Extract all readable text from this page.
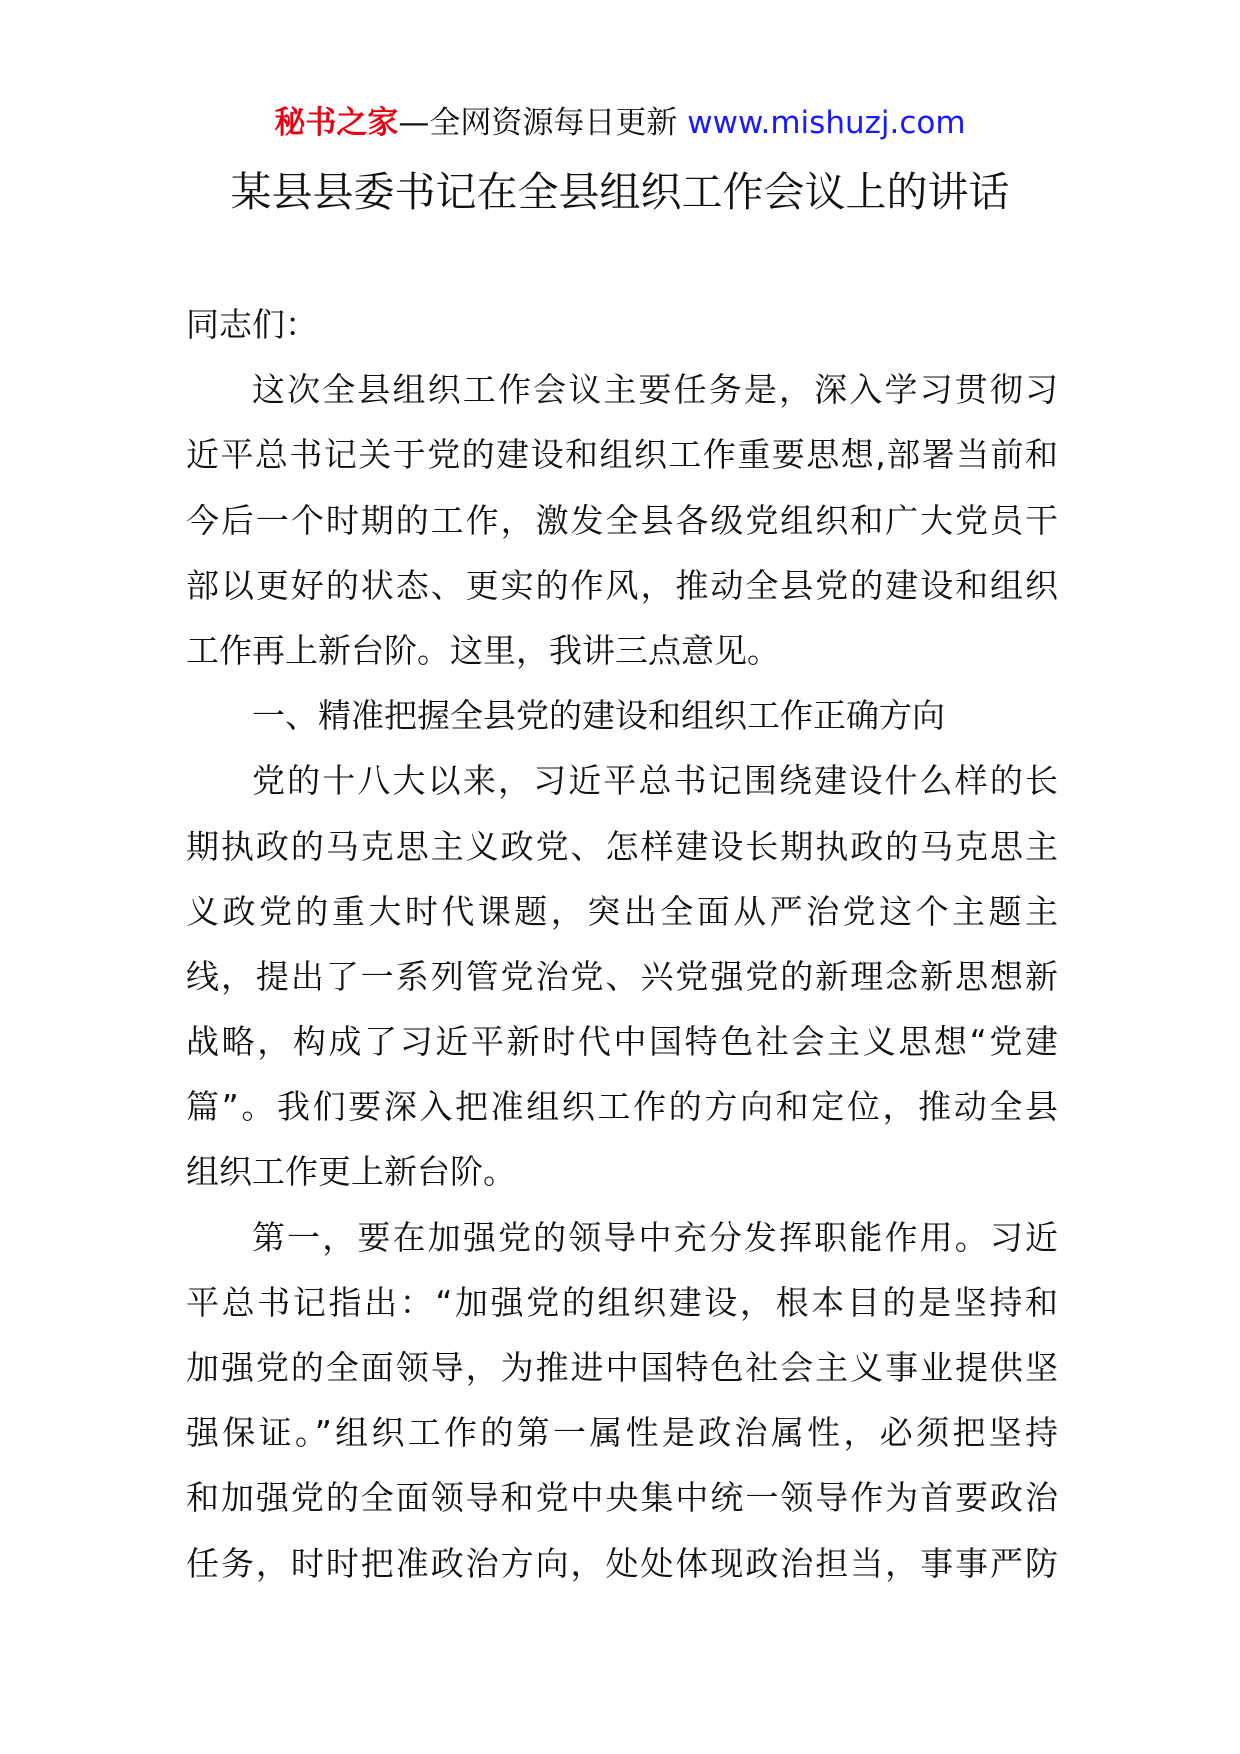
秘书之家—全网资源每日更新 www.mishuzj.com
某县县委书记在全县组织工作会议上的讲话
同志们：
这次全县组织工作会议主要任务是，深入学习贯彻习
近平总书记关于党的建设和组织工作重要思想,部署当前和
今后一个时期的工作，激发全县各级党组织和广大党员干
部以更好的状态、更实的作风，推动全县党的建设和组织
工作再上新台阶。这里，我讲三点意见。
一、精准把握全县党的建设和组织工作正确方向
党的十八大以来，习近平总书记围绕建设什么样的长
期执政的马克思主义政党、怎样建设长期执政的马克思主
义政党的重大时代课题，突出全面从严治党这个主题主
线，提出了一系列管党治党、兴党强党的新理念新思想新
战略，构成了习近平新时代中国特色社会主义思想“党建
篇”。我们要深入把准组织工作的方向和定位，推动全县
组织工作更上新台阶。
第一，要在加强党的领导中充分发挥职能作用。习近
平总书记指出：“加强党的组织建设，根本目的是坚持和
加强党的全面领导，为推进中国特色社会主义事业提供坚
强保证。”组织工作的第一属性是政治属性，必须把坚持
和加强党的全面领导和党中央集中统一领导作为首要政治
任务，时时把准政治方向，处处体现政治担当，事事严防
